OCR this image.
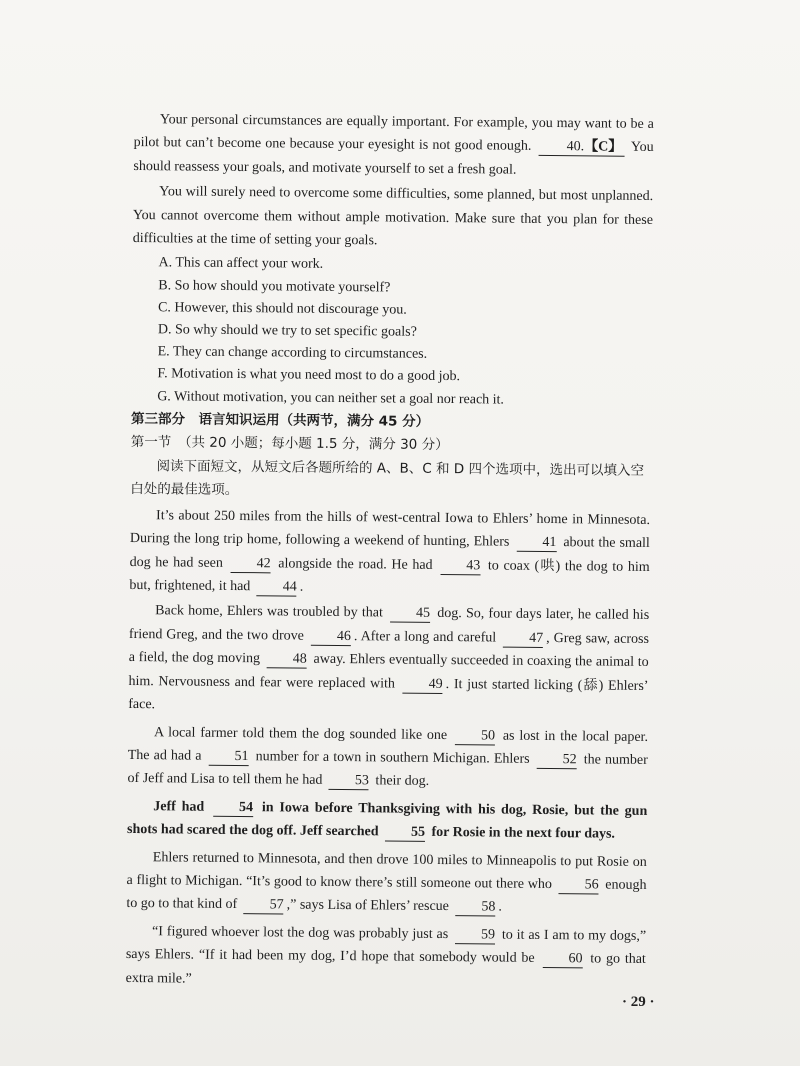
Your personal circumstances are equally important. For example, you may want to be a pilot but can’t become one because your eyesight is not good enough.	40.【C】 You should reassess your goals, and motivate yourself to set a fresh goal.

You will surely need to overcome some difficulties, some planned, but most unplanned. You cannot overcome them without ample motivation. Make sure that you plan for these difficulties at the time of setting your goals.

A. This can affect your work.

B. So how should you motivate yourself?

C. However, this should not discourage you.

D. So why should we try to set specific goals?

E. They can change according to circumstances.

F. Motivation is what you need most to do a good job.

G. Without motivation, you can neither set a goal nor reach it.

第三部分　语言知识运用（共两节，满分 45 分）

第一节　（共 20 小题；每小题 1.5 分，满分 30 分）

阅读下面短文，从短文后各题所给的 A、B、C 和 D 四个选项中，选出可以填入空白处的最佳选项。

It’s about 250 miles from the hills of west-central Iowa to Ehlers’ home in Minnesota. During the long trip home, following a weekend of hunting, Ehlers 41 about the small dog he had seen 42 alongside the road. He had 43 to coax (哄) the dog to him but, frightened, it had 44 .

Back home, Ehlers was troubled by that 45 dog. So, four days later, he called his friend Greg, and the two drove 46 . After a long and careful 47 , Greg saw, across a field, the dog moving 48 away. Ehlers eventually succeeded in coaxing the animal to him. Nervousness and fear were replaced with 49 . It just started licking (舔) Ehlers’ face.

A local farmer told them the dog sounded like one 50 as lost in the local paper. The ad had a 51 number for a town in southern Michigan. Ehlers 52 the number of Jeff and Lisa to tell them he had 53 their dog.

Jeff had 54 in Iowa before Thanksgiving with his dog, Rosie, but the gun shots had scared the dog off. Jeff searched 55 for Rosie in the next four days.

Ehlers returned to Minnesota, and then drove 100 miles to Minneapolis to put Rosie on a flight to Michigan. “It’s good to know there’s still someone out there who 56 enough to go to that kind of 57 ,” says Lisa of Ehlers’ rescue 58 .

“I figured whoever lost the dog was probably just as 59 to it as I am to my dogs,” says Ehlers. “If it had been my dog, I’d hope that somebody would be 60 to go that extra mile.”

· 29 ·
